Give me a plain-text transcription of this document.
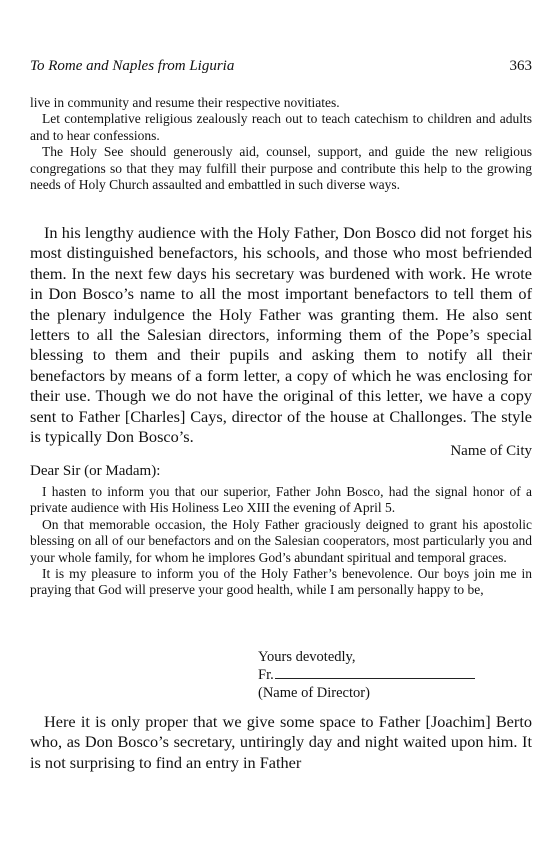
To Rome and Naples from Liguria	363

live in community and resume their respective novitiates.

Let contemplative religious zealously reach out to teach catechism to children and adults and to hear confessions.

The Holy See should generously aid, counsel, support, and guide the new religious congregations so that they may fulfill their purpose and contribute this help to the growing needs of Holy Church assaulted and embattled in such diverse ways.

In his lengthy audience with the Holy Father, Don Bosco did not forget his most distinguished benefactors, his schools, and those who most befriended them. In the next few days his secretary was burdened with work. He wrote in Don Bosco’s name to all the most important benefactors to tell them of the plenary indulgence the Holy Father was granting them. He also sent letters to all the Salesian directors, informing them of the Pope’s special blessing to them and their pupils and asking them to notify all their benefactors by means of a form letter, a copy of which he was enclosing for their use. Though we do not have the original of this letter, we have a copy sent to Father [Charles] Cays, director of the house at Challonges. The style is typically Don Bosco’s.

Name of City
Dear Sir (or Madam):

I hasten to inform you that our superior, Father John Bosco, had the signal honor of a private audience with His Holiness Leo XIII the evening of April 5.

On that memorable occasion, the Holy Father graciously deigned to grant his apostolic blessing on all of our benefactors and on the Salesian cooperators, most particularly you and your whole family, for whom he implores God’s abundant spiritual and temporal graces.

It is my pleasure to inform you of the Holy Father’s benevolence. Our boys join me in praying that God will preserve your good health, while I am personally happy to be,

Yours devotedly,
Fr.
(Name of Director)

Here it is only proper that we give some space to Father [Joachim] Berto who, as Don Bosco’s secretary, untiringly day and night waited upon him. It is not surprising to find an entry in Father
